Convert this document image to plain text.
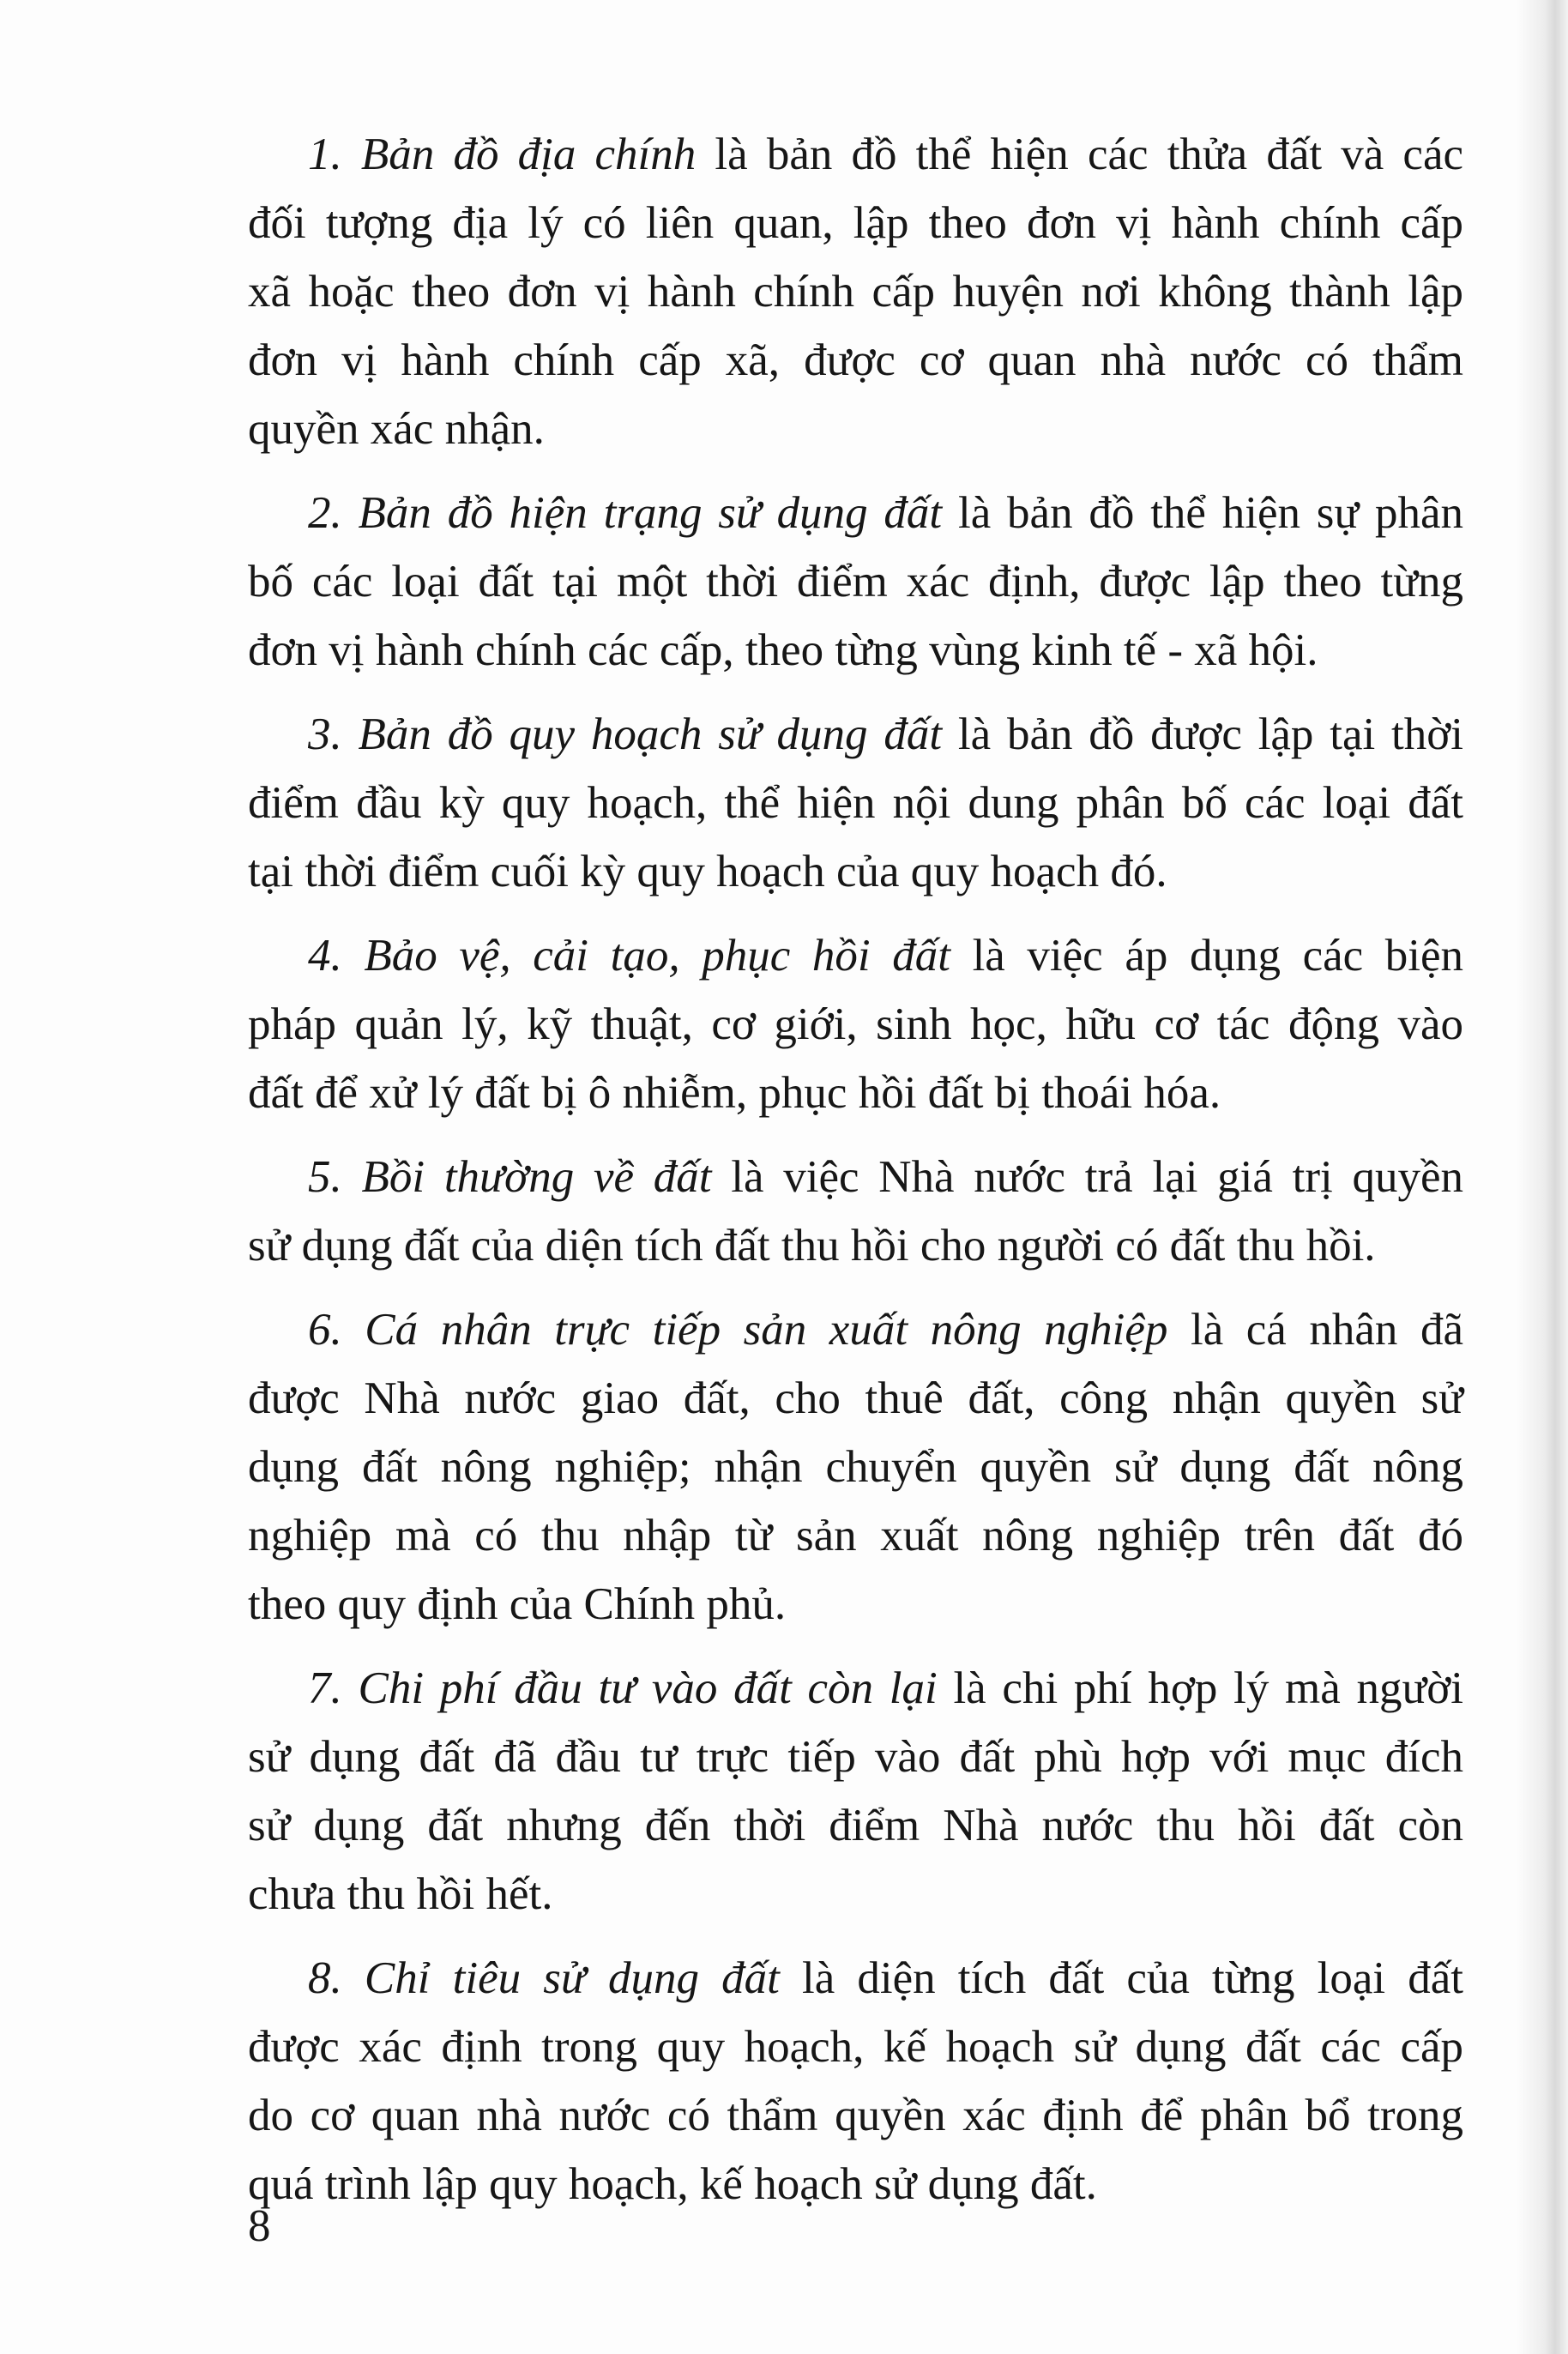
1. Bản đồ địa chính là bản đồ thể hiện các thửa đất và các
đối tượng địa lý có liên quan, lập theo đơn vị hành chính cấp
xã hoặc theo đơn vị hành chính cấp huyện nơi không thành lập
đơn vị hành chính cấp xã, được cơ quan nhà nước có thẩm
quyền xác nhận.
2. Bản đồ hiện trạng sử dụng đất là bản đồ thể hiện sự phân
bố các loại đất tại một thời điểm xác định, được lập theo từng
đơn vị hành chính các cấp, theo từng vùng kinh tế - xã hội.
3. Bản đồ quy hoạch sử dụng đất là bản đồ được lập tại thời
điểm đầu kỳ quy hoạch, thể hiện nội dung phân bố các loại đất
tại thời điểm cuối kỳ quy hoạch của quy hoạch đó.
4. Bảo vệ, cải tạo, phục hồi đất là việc áp dụng các biện
pháp quản lý, kỹ thuật, cơ giới, sinh học, hữu cơ tác động vào
đất để xử lý đất bị ô nhiễm, phục hồi đất bị thoái hóa.
5. Bồi thường về đất là việc Nhà nước trả lại giá trị quyền
sử dụng đất của diện tích đất thu hồi cho người có đất thu hồi.
6. Cá nhân trực tiếp sản xuất nông nghiệp là cá nhân đã
được Nhà nước giao đất, cho thuê đất, công nhận quyền sử
dụng đất nông nghiệp; nhận chuyển quyền sử dụng đất nông
nghiệp mà có thu nhập từ sản xuất nông nghiệp trên đất đó
theo quy định của Chính phủ.
7. Chi phí đầu tư vào đất còn lại là chi phí hợp lý mà người
sử dụng đất đã đầu tư trực tiếp vào đất phù hợp với mục đích
sử dụng đất nhưng đến thời điểm Nhà nước thu hồi đất còn
chưa thu hồi hết.
8. Chỉ tiêu sử dụng đất là diện tích đất của từng loại đất
được xác định trong quy hoạch, kế hoạch sử dụng đất các cấp
do cơ quan nhà nước có thẩm quyền xác định để phân bổ trong
quá trình lập quy hoạch, kế hoạch sử dụng đất.
8
